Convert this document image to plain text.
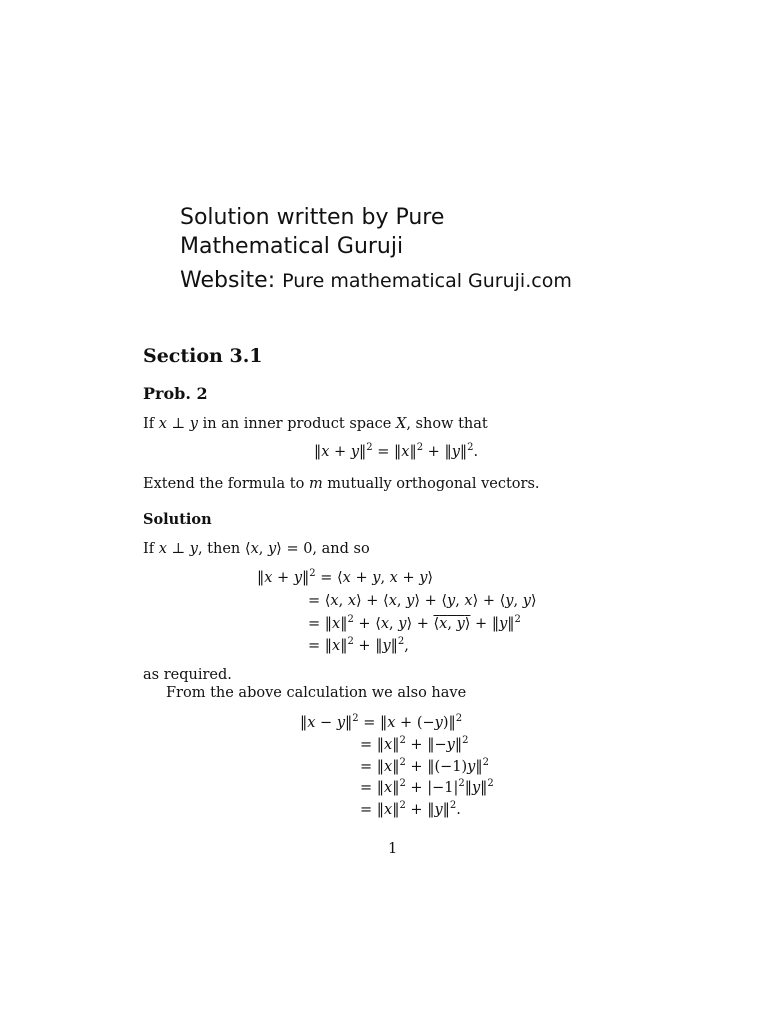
Solution written by Pure
Mathematical Guruji
Website: Pure mathematical Guruji.com
Section 3.1
Prob. 2
If x ⊥ y in an inner product space X, show that
‖x + y‖$^2$ = ‖x‖$^2$ + ‖y‖$^2$.
Extend the formula to m mutually orthogonal vectors.
Solution
If x ⊥ y, then ⟨x, y⟩ = 0, and so
‖x + y‖$^2$ = ⟨x + y, x + y⟩
= ⟨x, x⟩ + ⟨x, y⟩ + ⟨y, x⟩ + ⟨y, y⟩
= ‖x‖$^2$ + ⟨x, y⟩ + ⟨x, y⟩ + ‖y‖$^2$
= ‖x‖$^2$ + ‖y‖$^2$,
as required.
From the above calculation we also have
‖x − y‖$^2$ = ‖x + (−y)‖$^2$
= ‖x‖$^2$ + ‖−y‖$^2$
= ‖x‖$^2$ + ‖(−1)y‖$^2$
= ‖x‖$^2$ + $|-1|^2‖y‖^2$
= ‖x‖$^2$ + ‖y‖$^2$.
1
